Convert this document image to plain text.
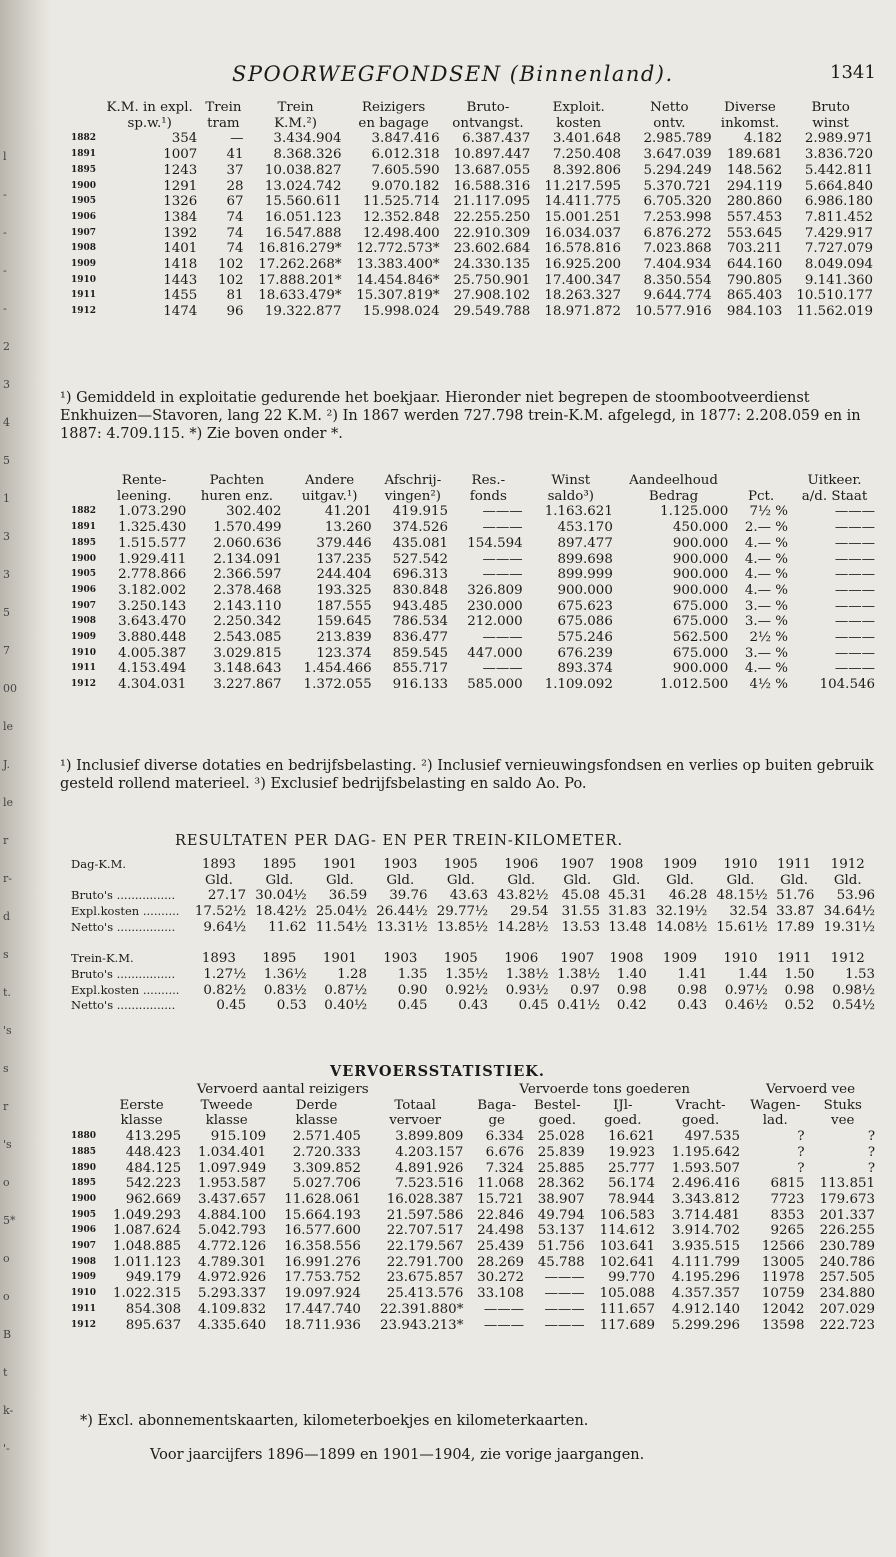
l
-
-
-
-
2
3
4
5
1
3
3
5
7
00
le
J.
le
r
r-
d
s
t.
's
s
r
's
o
5*
o
o
B
t
k-
'-
SPOORWEGFONDSEN (Binnenland).	1341
	K.M. in expl.	Trein	Trein	Reizigers	Bruto-	Exploit.	Netto	Diverse	Bruto
	sp.w.¹)	tram	K.M.²)	en bagage	ontvangst.	kosten	ontv.	inkomst.	winst
1882	354	—	3.434.904	3.847.416	6.387.437	3.401.648	2.985.789	4.182	2.989.971
1891	1007	41	8.368.326	6.012.318	10.897.447	7.250.408	3.647.039	189.681	3.836.720
1895	1243	37	10.038.827	7.605.590	13.687.055	8.392.806	5.294.249	148.562	5.442.811
1900	1291	28	13.024.742	9.070.182	16.588.316	11.217.595	5.370.721	294.119	5.664.840
1905	1326	67	15.560.611	11.525.714	21.117.095	14.411.775	6.705.320	280.860	6.986.180
1906	1384	74	16.051.123	12.352.848	22.255.250	15.001.251	7.253.998	557.453	7.811.452
1907	1392	74	16.547.888	12.498.400	22.910.309	16.034.037	6.876.272	553.645	7.429.917
1908	1401	74	16.816.279*	12.772.573*	23.602.684	16.578.816	7.023.868	703.211	7.727.079
1909	1418	102	17.262.268*	13.383.400*	24.330.135	16.925.200	7.404.934	644.160	8.049.094
1910	1443	102	17.888.201*	14.454.846*	25.750.901	17.400.347	8.350.554	790.805	9.141.360
1911	1455	81	18.633.479*	15.307.819*	27.908.102	18.263.327	9.644.774	865.403	10.510.177
1912	1474	96	19.322.877	15.998.024	29.549.788	18.971.872	10.577.916	984.103	11.562.019
¹) Gemiddeld in exploitatie gedurende het boekjaar. Hieronder niet begrepen de stoombootveerdienst Enkhuizen—Stavoren, lang 22 K.M. ²) In 1867 werden 727.798 trein-K.M. afgelegd, in 1877: 2.208.059 en in 1887: 4.709.115. *) Zie boven onder *.
	Rente-	Pachten	Andere	Afschrij-	Res.-	Winst	Aandeelhoud		Uitkeer.
	leening.	huren enz.	uitgav.¹)	vingen²)	fonds	saldo³)	Bedrag	Pct.	a/d. Staat
1882	1.073.290	302.402	41.201	419.915	———	1.163.621	1.125.000	7½ %	———
1891	1.325.430	1.570.499	13.260	374.526	———	453.170	450.000	2.— %	———
1895	1.515.577	2.060.636	379.446	435.081	154.594	897.477	900.000	4.— %	———
1900	1.929.411	2.134.091	137.235	527.542	———	899.698	900.000	4.— %	———
1905	2.778.866	2.366.597	244.404	696.313	———	899.999	900.000	4.— %	———
1906	3.182.002	2.378.468	193.325	830.848	326.809	900.000	900.000	4.— %	———
1907	3.250.143	2.143.110	187.555	943.485	230.000	675.623	675.000	3.— %	———
1908	3.643.470	2.250.342	159.645	786.534	212.000	675.086	675.000	3.— %	———
1909	3.880.448	2.543.085	213.839	836.477	———	575.246	562.500	2½ %	———
1910	4.005.387	3.029.815	123.374	859.545	447.000	676.239	675.000	3.— %	———
1911	4.153.494	3.148.643	1.454.466	855.717	———	893.374	900.000	4.— %	———
1912	4.304.031	3.227.867	1.372.055	916.133	585.000	1.109.092	1.012.500	4½ %	104.546
¹) Inclusief diverse dotaties en bedrijfsbelasting. ²) Inclusief vernieuwingsfondsen en verlies op buiten gebruik gesteld rollend materieel. ³) Exclusief bedrijfsbelasting en saldo Ao. Po.
RESULTATEN PER DAG- EN PER TREIN-KILOMETER.
Dag-K.M.	1893	1895	1901	1903	1905	1906	1907	1908	1909	1910	1911	1912
	Gld.	Gld.	Gld.	Gld.	Gld.	Gld.	Gld.	Gld.	Gld.	Gld.	Gld.	Gld.
Bruto's ................	27.17	30.04½	36.59	39.76	43.63	43.82½	45.08	45.31	46.28	48.15½	51.76	53.96
Expl.kosten ..........	17.52½	18.42½	25.04½	26.44½	29.77½	29.54	31.55	31.83	32.19½	32.54	33.87	34.64½
Netto's ................	9.64½	11.62	11.54½	13.31½	13.85½	14.28½	13.53	13.48	14.08½	15.61½	17.89	19.31½

Trein-K.M.	1893	1895	1901	1903	1905	1906	1907	1908	1909	1910	1911	1912
Bruto's ................	1.27½	1.36½	1.28	1.35	1.35½	1.38½	1.38½	1.40	1.41	1.44	1.50	1.53
Expl.kosten ..........	0.82½	0.83½	0.87½	0.90	0.92½	0.93½	0.97	0.98	0.98	0.97½	0.98	0.98½
Netto's ................	0.45	0.53	0.40½	0.45	0.43	0.45	0.41½	0.42	0.43	0.46½	0.52	0.54½
VERVOERSSTATISTIEK.
	Vervoerd aantal reizigers				Vervoerde tons goederen				Vervoerd vee	
	Eerste	Tweede	Derde	Totaal	Baga-	Bestel-	IJl-	Vracht-	Wagen-	Stuks
	klasse	klasse	klasse	vervoer	ge	goed.	goed.	goed.	lad.	vee
1880	413.295	915.109	2.571.405	3.899.809	6.334	25.028	16.621	497.535	?	?
1885	448.423	1.034.401	2.720.333	4.203.157	6.676	25.839	19.923	1.195.642	?	?
1890	484.125	1.097.949	3.309.852	4.891.926	7.324	25.885	25.777	1.593.507	?	?
1895	542.223	1.953.587	5.027.706	7.523.516	11.068	28.362	56.174	2.496.416	6815	113.851
1900	962.669	3.437.657	11.628.061	16.028.387	15.721	38.907	78.944	3.343.812	7723	179.673
1905	1.049.293	4.884.100	15.664.193	21.597.586	22.846	49.794	106.583	3.714.481	8353	201.337
1906	1.087.624	5.042.793	16.577.600	22.707.517	24.498	53.137	114.612	3.914.702	9265	226.255
1907	1.048.885	4.772.126	16.358.556	22.179.567	25.439	51.756	103.641	3.935.515	12566	230.789
1908	1.011.123	4.789.301	16.991.276	22.791.700	28.269	45.788	102.641	4.111.799	13005	240.786
1909	949.179	4.972.926	17.753.752	23.675.857	30.272	———	99.770	4.195.296	11978	257.505
1910	1.022.315	5.293.337	19.097.924	25.413.576	33.108	———	105.088	4.357.357	10759	234.880
1911	854.308	4.109.832	17.447.740	22.391.880*	———	———	111.657	4.912.140	12042	207.029
1912	895.637	4.335.640	18.711.936	23.943.213*	———	———	117.689	5.299.296	13598	222.723
*) Excl. abonnementskaarten, kilometerboekjes en kilometerkaarten.
Voor jaarcijfers 1896—1899 en 1901—1904, zie vorige jaargangen.
